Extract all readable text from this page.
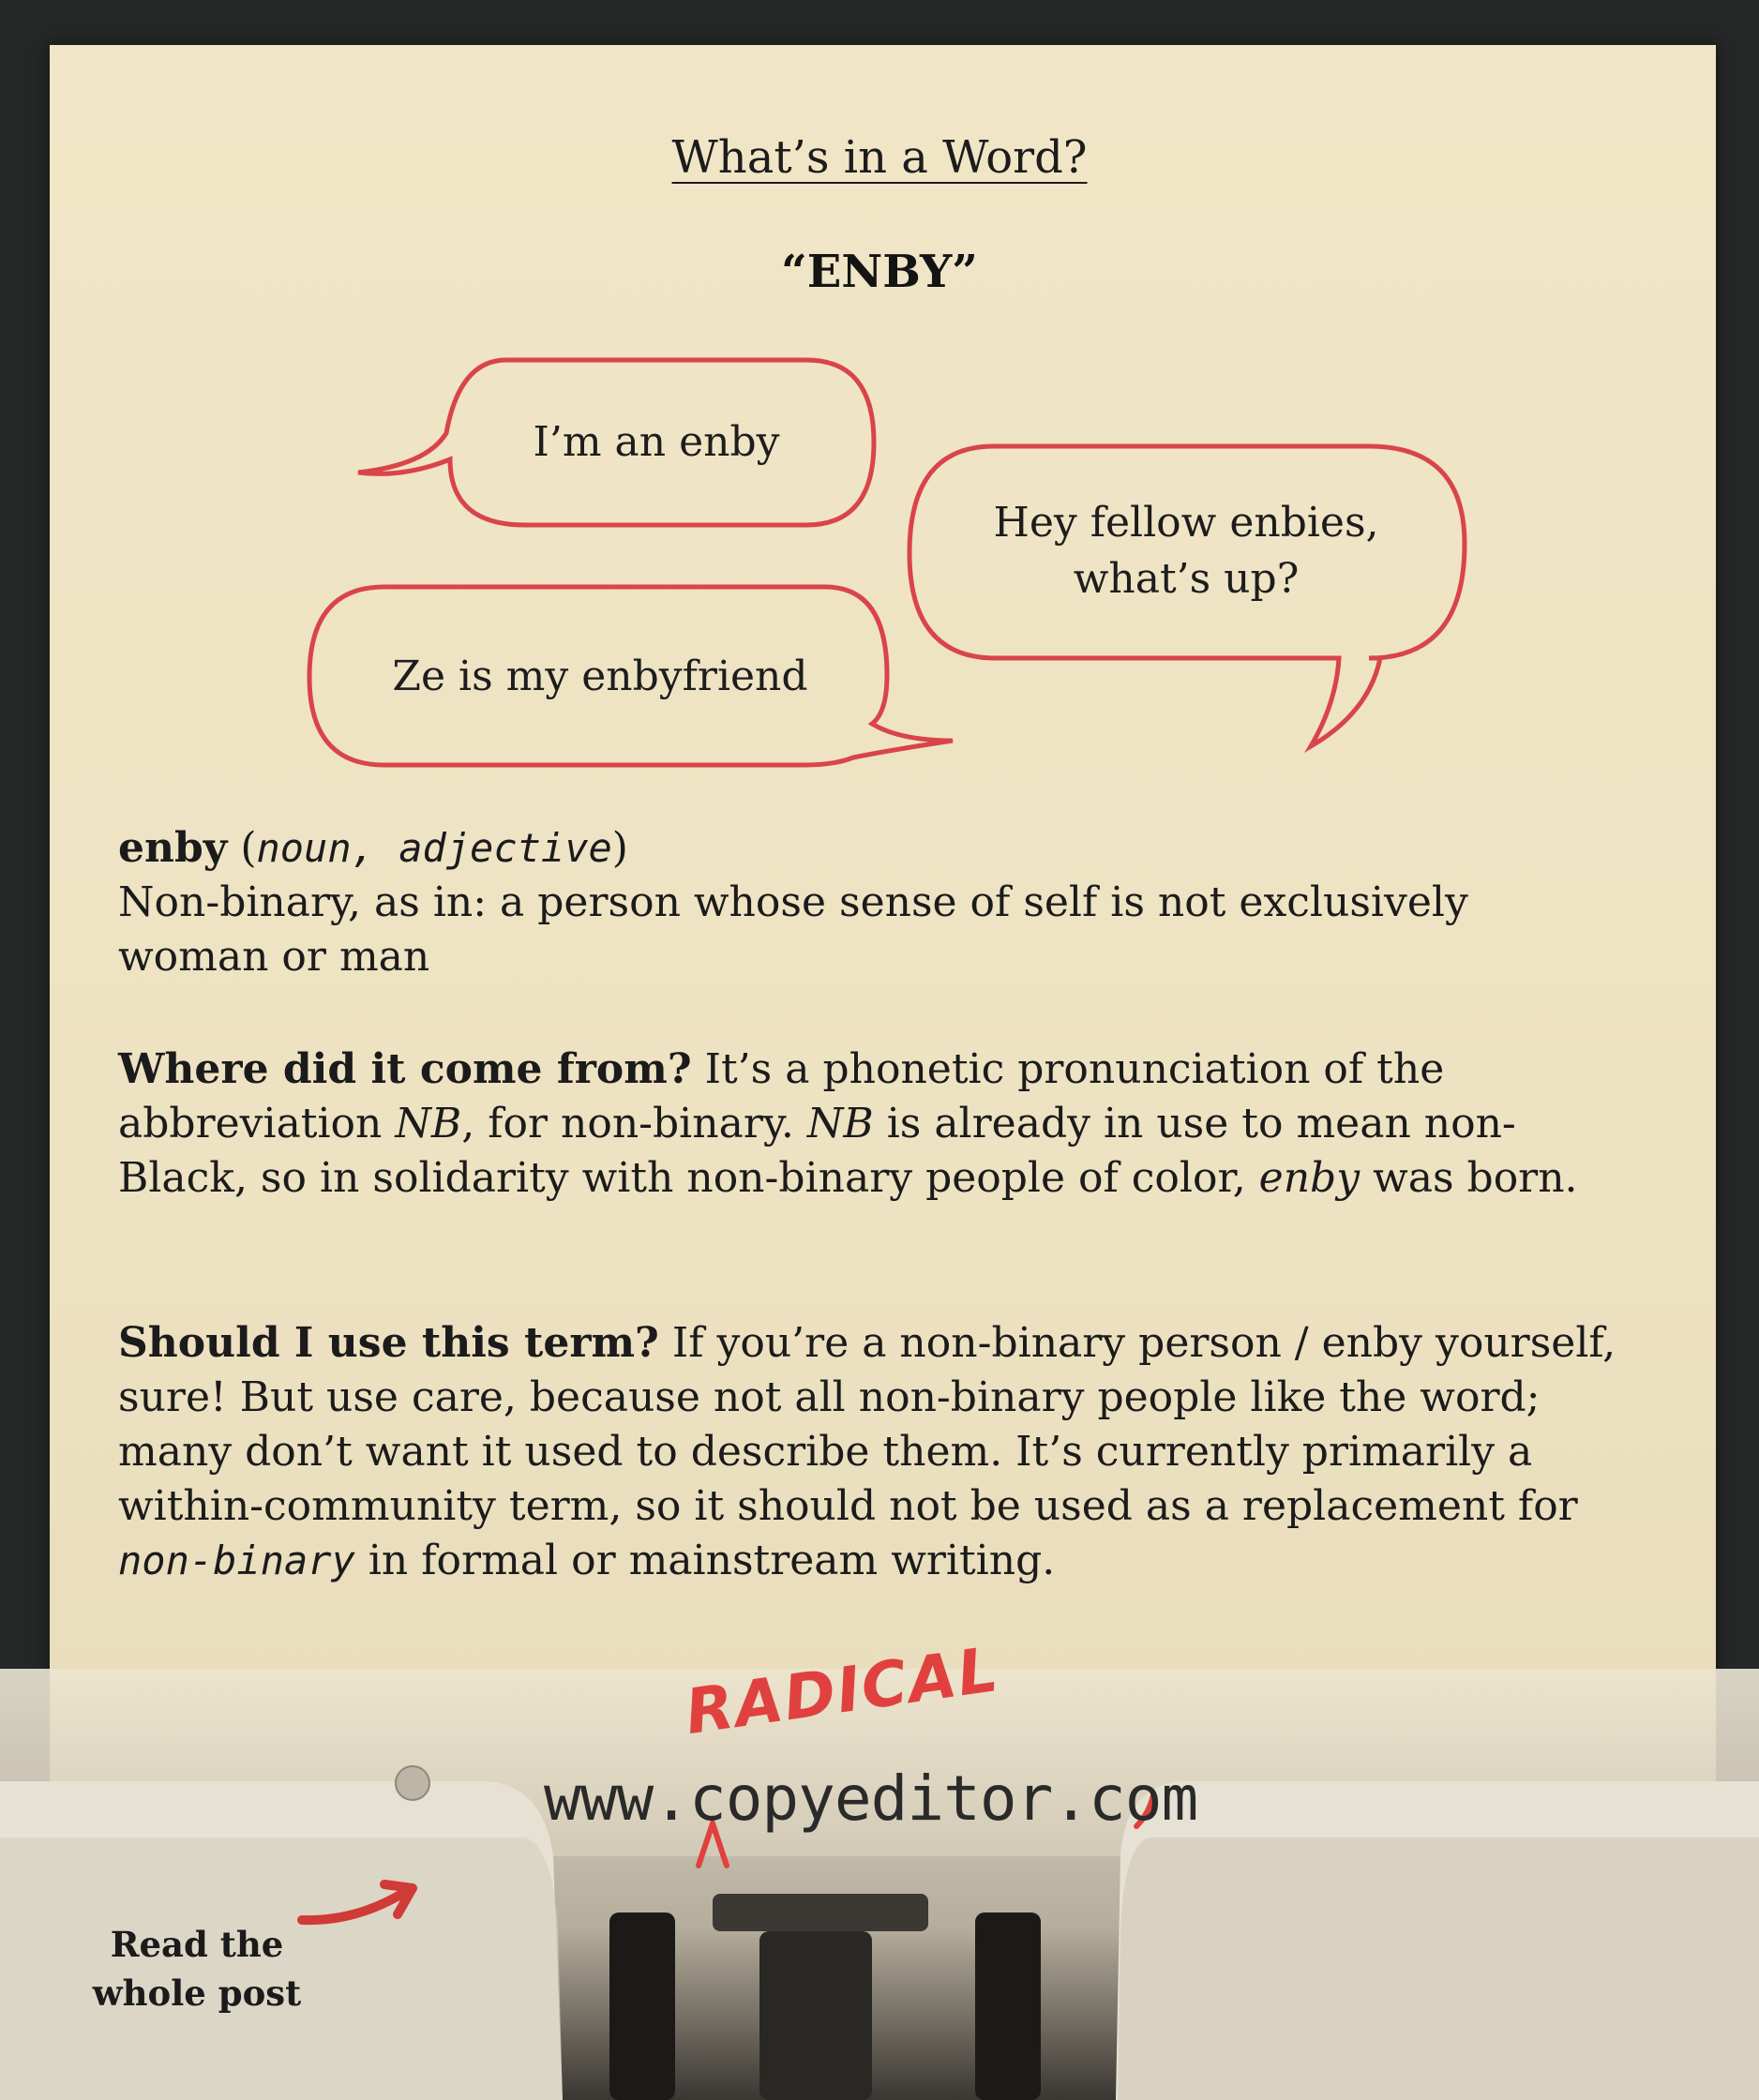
What’s in a Word?
“ENBY”
I’m an enby
Hey fellow enbies,
what’s up?
Ze is my enbyfriend
enby (noun, adjective)
Non-binary, as in: a person whose sense of self is not exclusively woman or man
Where did it come from? It’s a phonetic pronunciation of the abbreviation NB, for non-binary. NB is already in use to mean non-Black, so in solidarity with non-binary people of color, enby was born.
Should I use this term? If you’re a non-binary person / enby yourself, sure! But use care, because not all non-binary people like the word; many don’t want it used to describe them. It’s currently primarily a within-community term, so it should not be used as a replacement for non-binary in formal or mainstream writing.
RADICAL
www.copyeditor.com
Read the
whole post
